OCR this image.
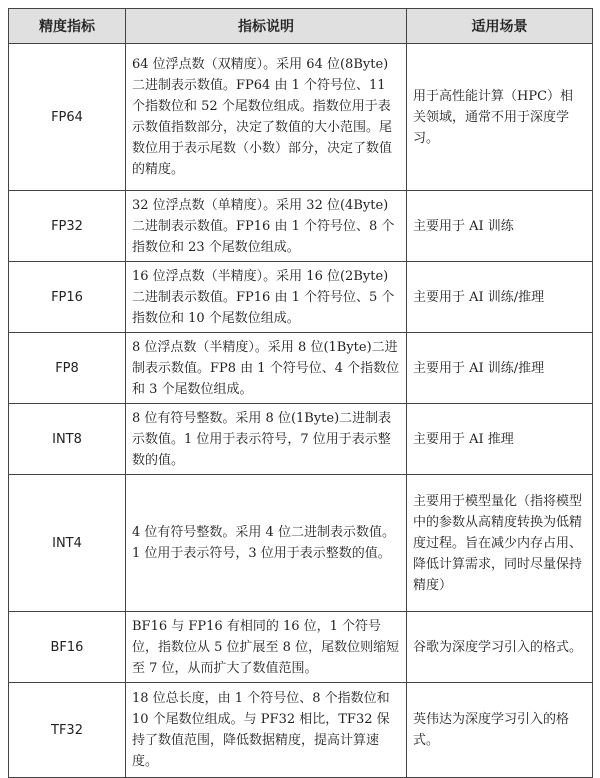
精度指标	指标说明	适用场景
FP64	64 位浮点数（双精度）。采用 64 位(8Byte)二进制表示数值。FP64 由 1 个符号位、11 个指数位和 52 个尾数位组成。指数位用于表示数值指数部分，决定了数值的大小范围。尾数位用于表示尾数（小数）部分，决定了数值的精度。	用于高性能计算（HPC）相关领域，通常不用于深度学习。
FP32	32 位浮点数（单精度）。采用 32 位(4Byte)二进制表示数值。FP16 由 1 个符号位、8 个指数位和 23 个尾数位组成。	主要用于 AI 训练
FP16	16 位浮点数（半精度）。采用 16 位(2Byte)二进制表示数值。FP16 由 1 个符号位、5 个指数位和 10 个尾数位组成。	主要用于 AI 训练/推理
FP8	8 位浮点数（半精度）。采用 8 位(1Byte)二进制表示数值。FP8 由 1 个符号位、4 个指数位和 3 个尾数位组成。	主要用于 AI 训练/推理
INT8	8 位有符号整数。采用 8 位(1Byte)二进制表示数值。1 位用于表示符号，7 位用于表示整数的值。	主要用于 AI 推理
INT4	4 位有符号整数。采用 4 位二进制表示数值。1 位用于表示符号，3 位用于表示整数的值。	主要用于模型量化（指将模型中的参数从高精度转换为低精度过程。旨在减少内存占用、降低计算需求，同时尽量保持精度）
BF16	BF16 与 FP16 有相同的 16 位，1 个符号位，指数位从 5 位扩展至 8 位，尾数位则缩短至 7 位，从而扩大了数值范围。	谷歌为深度学习引入的格式。
TF32	18 位总长度，由 1 个符号位、8 个指数位和 10 个尾数位组成。与 PF32 相比，TF32 保持了数值范围，降低数据精度，提高计算速度。	英伟达为深度学习引入的格式。
